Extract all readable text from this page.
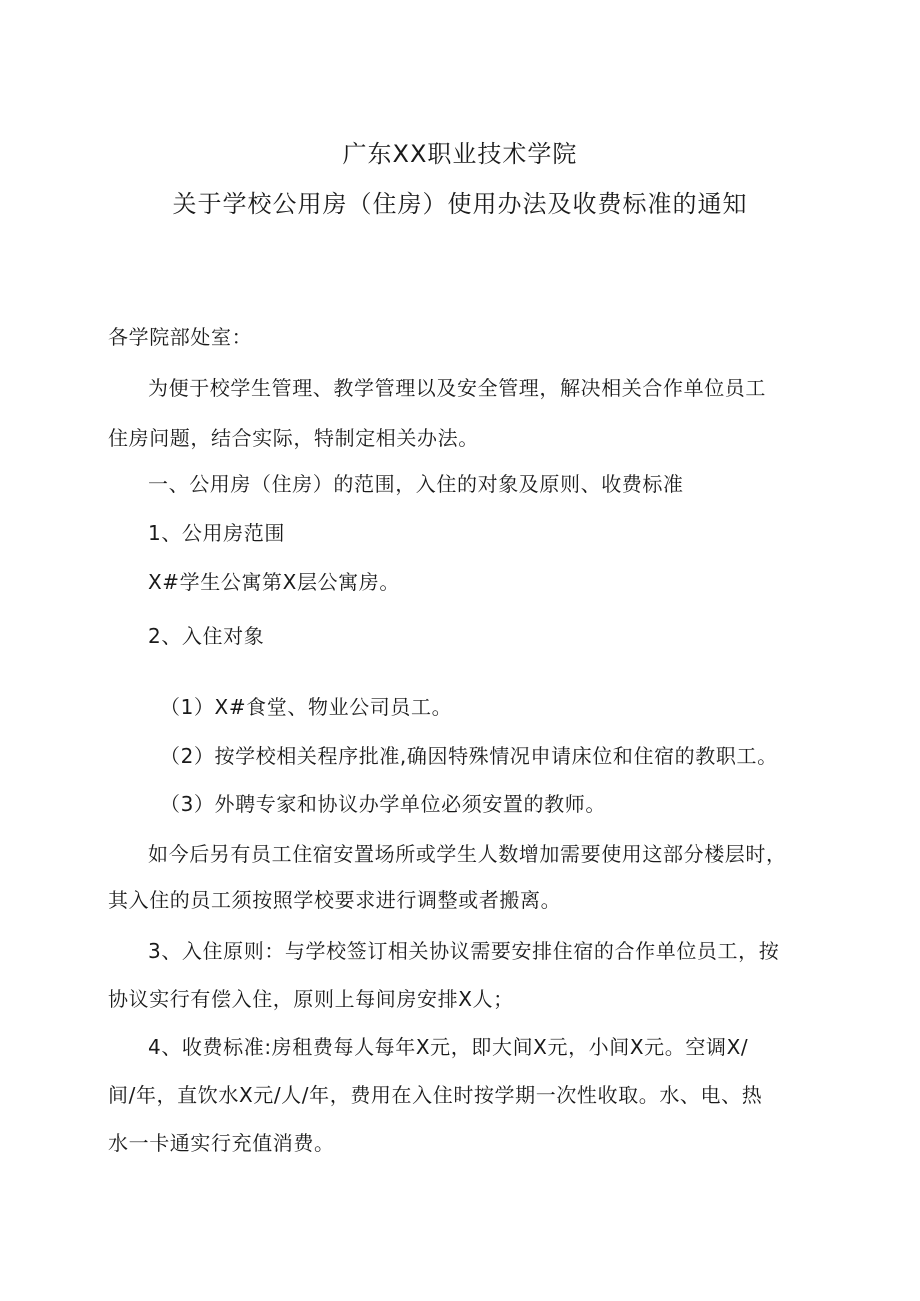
广东XX职业技术学院
关于学校公用房（住房）使用办法及收费标准的通知
各学院部处室：
为便于校学生管理、教学管理以及安全管理，解决相关合作单位员工
住房问题，结合实际，特制定相关办法。
一、公用房（住房）的范围，入住的对象及原则、收费标准
1、公用房范围
X#学生公寓第X层公寓房。
2、入住对象
（1）X#食堂、物业公司员工。
（2）按学校相关程序批准,确因特殊情况申请床位和住宿的教职工。
（3）外聘专家和协议办学单位必须安置的教师。
如今后另有员工住宿安置场所或学生人数增加需要使用这部分楼层时，
其入住的员工须按照学校要求进行调整或者搬离。
3、入住原则：与学校签订相关协议需要安排住宿的合作单位员工，按
协议实行有偿入住，原则上每间房安排X人；
4、收费标准:房租费每人每年X元，即大间X元，小间X元。空调X/
间/年，直饮水X元/人/年，费用在入住时按学期一次性收取。水、电、热
水一卡通实行充值消费。
